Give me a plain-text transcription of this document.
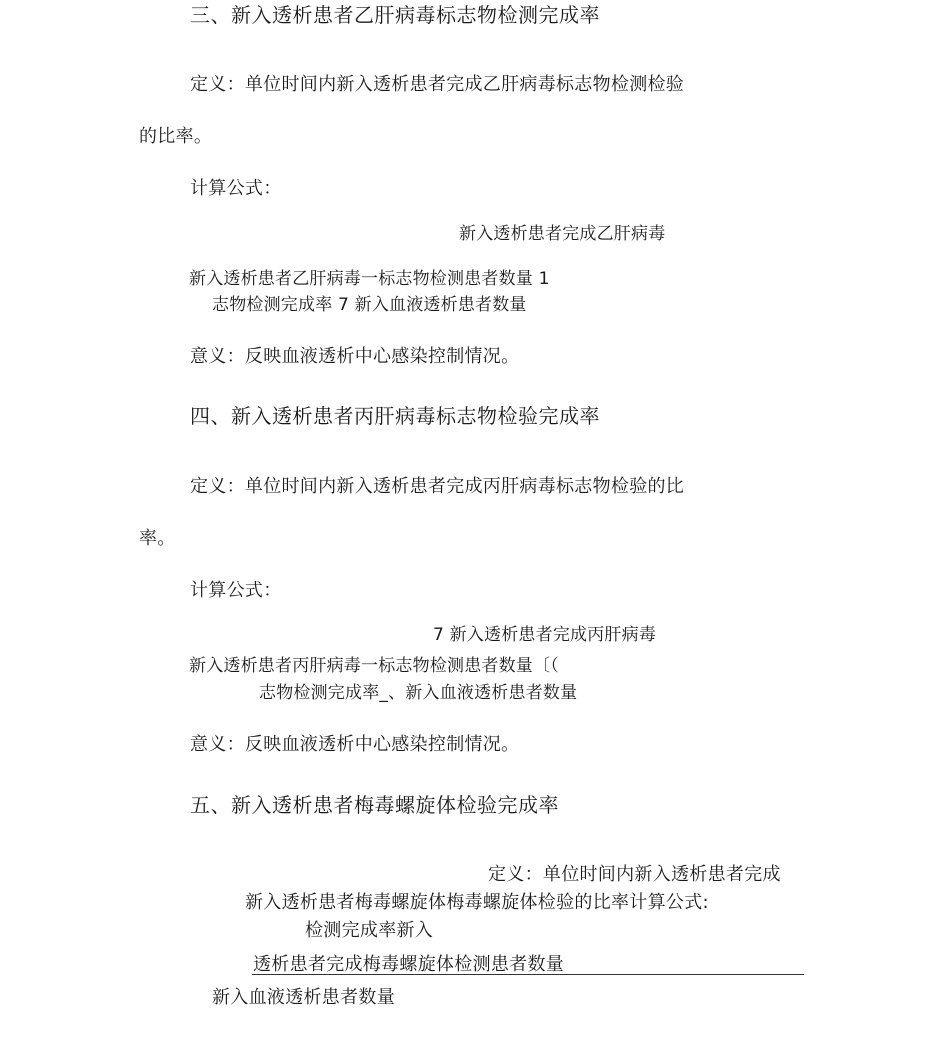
三、新入透析患者乙肝病毒标志物检测完成率
定义：单位时间内新入透析患者完成乙肝病毒标志物检测检验
的比率。
计算公式：
新入透析患者完成乙肝病毒
新入透析患者乙肝病毒一标志物检测患者数量 1
志物检测完成率 7 新入血液透析患者数量
意义：反映血液透析中心感染控制情况。
四、新入透析患者丙肝病毒标志物检验完成率
定义：单位时间内新入透析患者完成丙肝病毒标志物检验的比
率。
计算公式：
7 新入透析患者完成丙肝病毒
新入透析患者丙肝病毒一标志物检测患者数量〔（
志物检测完成率_、新入血液透析患者数量
意义：反映血液透析中心感染控制情况。
五、新入透析患者梅毒螺旋体检验完成率
定义：单位时间内新入透析患者完成
新入透析患者梅毒螺旋体梅毒螺旋体检验的比率计算公式:
检测完成率新入
透析患者完成梅毒螺旋体检测患者数量
新入血液透析患者数量
